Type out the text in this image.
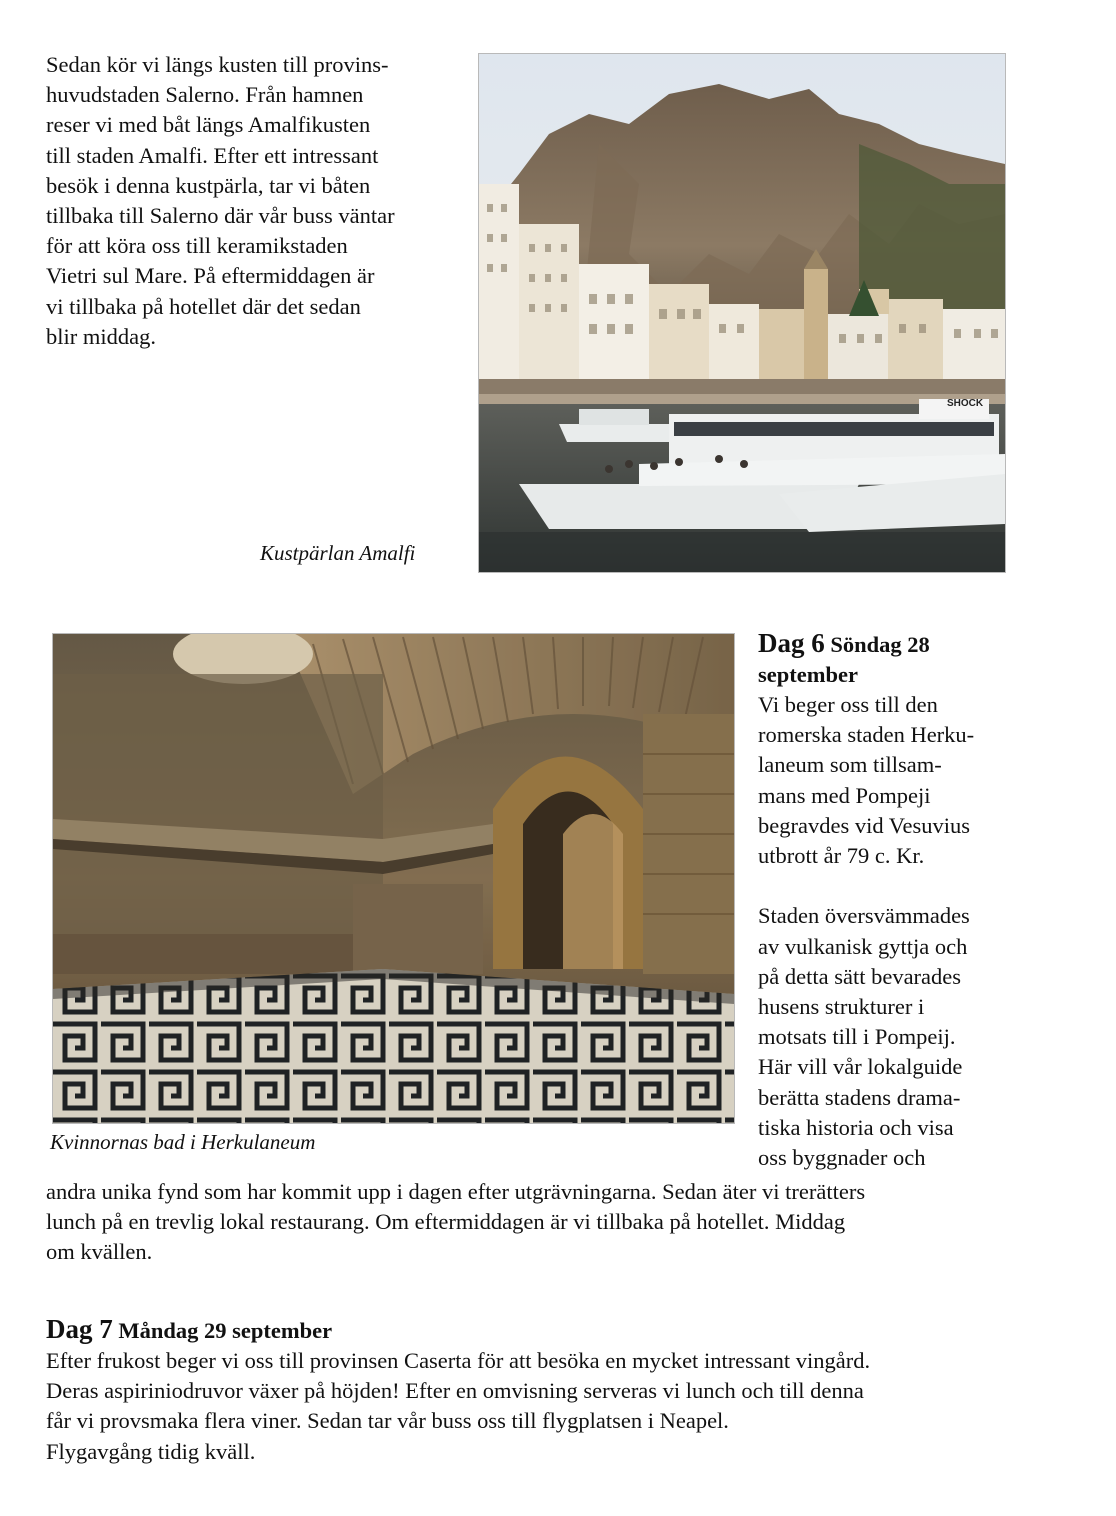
Sedan kör vi längs kusten till provins-

huvudstaden Salerno. Från hamnen

reser vi med båt längs Amalfikusten

till staden Amalfi. Efter ett intressant

besök i denna kustpärla, tar vi båten

tillbaka till Salerno där vår buss väntar

för att köra oss till keramikstaden

Vietri sul Mare. På eftermiddagen är

vi tillbaka på hotellet där det sedan

blir middag.

Kustpärlan Amalfi
SHOCK
Kvinnornas bad i Herkulaneum
Dag 6 Söndag 28
september

Vi beger oss till den

romerska staden Herku-

laneum som tillsam-

mans med Pompeji

begravdes vid Vesuvius

utbrott år 79 c. Kr.

Staden översvämmades

av vulkanisk gyttja och

på detta sätt bevarades

husens strukturer i

motsats till i Pompeij.

Här vill vår lokalguide

berätta stadens drama-

tiska historia och visa

oss byggnader och

andra unika fynd som har kommit upp i dagen efter utgrävningarna. Sedan äter vi trerätters

lunch på en trevlig lokal restaurang. Om eftermiddagen är vi tillbaka på hotellet. Middag

om kvällen.

Dag 7 Måndag 29 september

Efter frukost beger vi oss till provinsen Caserta för att besöka en mycket intressant vingård.

Deras aspiriniodruvor växer på höjden! Efter en omvisning serveras vi lunch och till denna

får vi provsmaka flera viner. Sedan tar vår buss oss till flygplatsen i Neapel.

Flygavgång tidig kväll.
